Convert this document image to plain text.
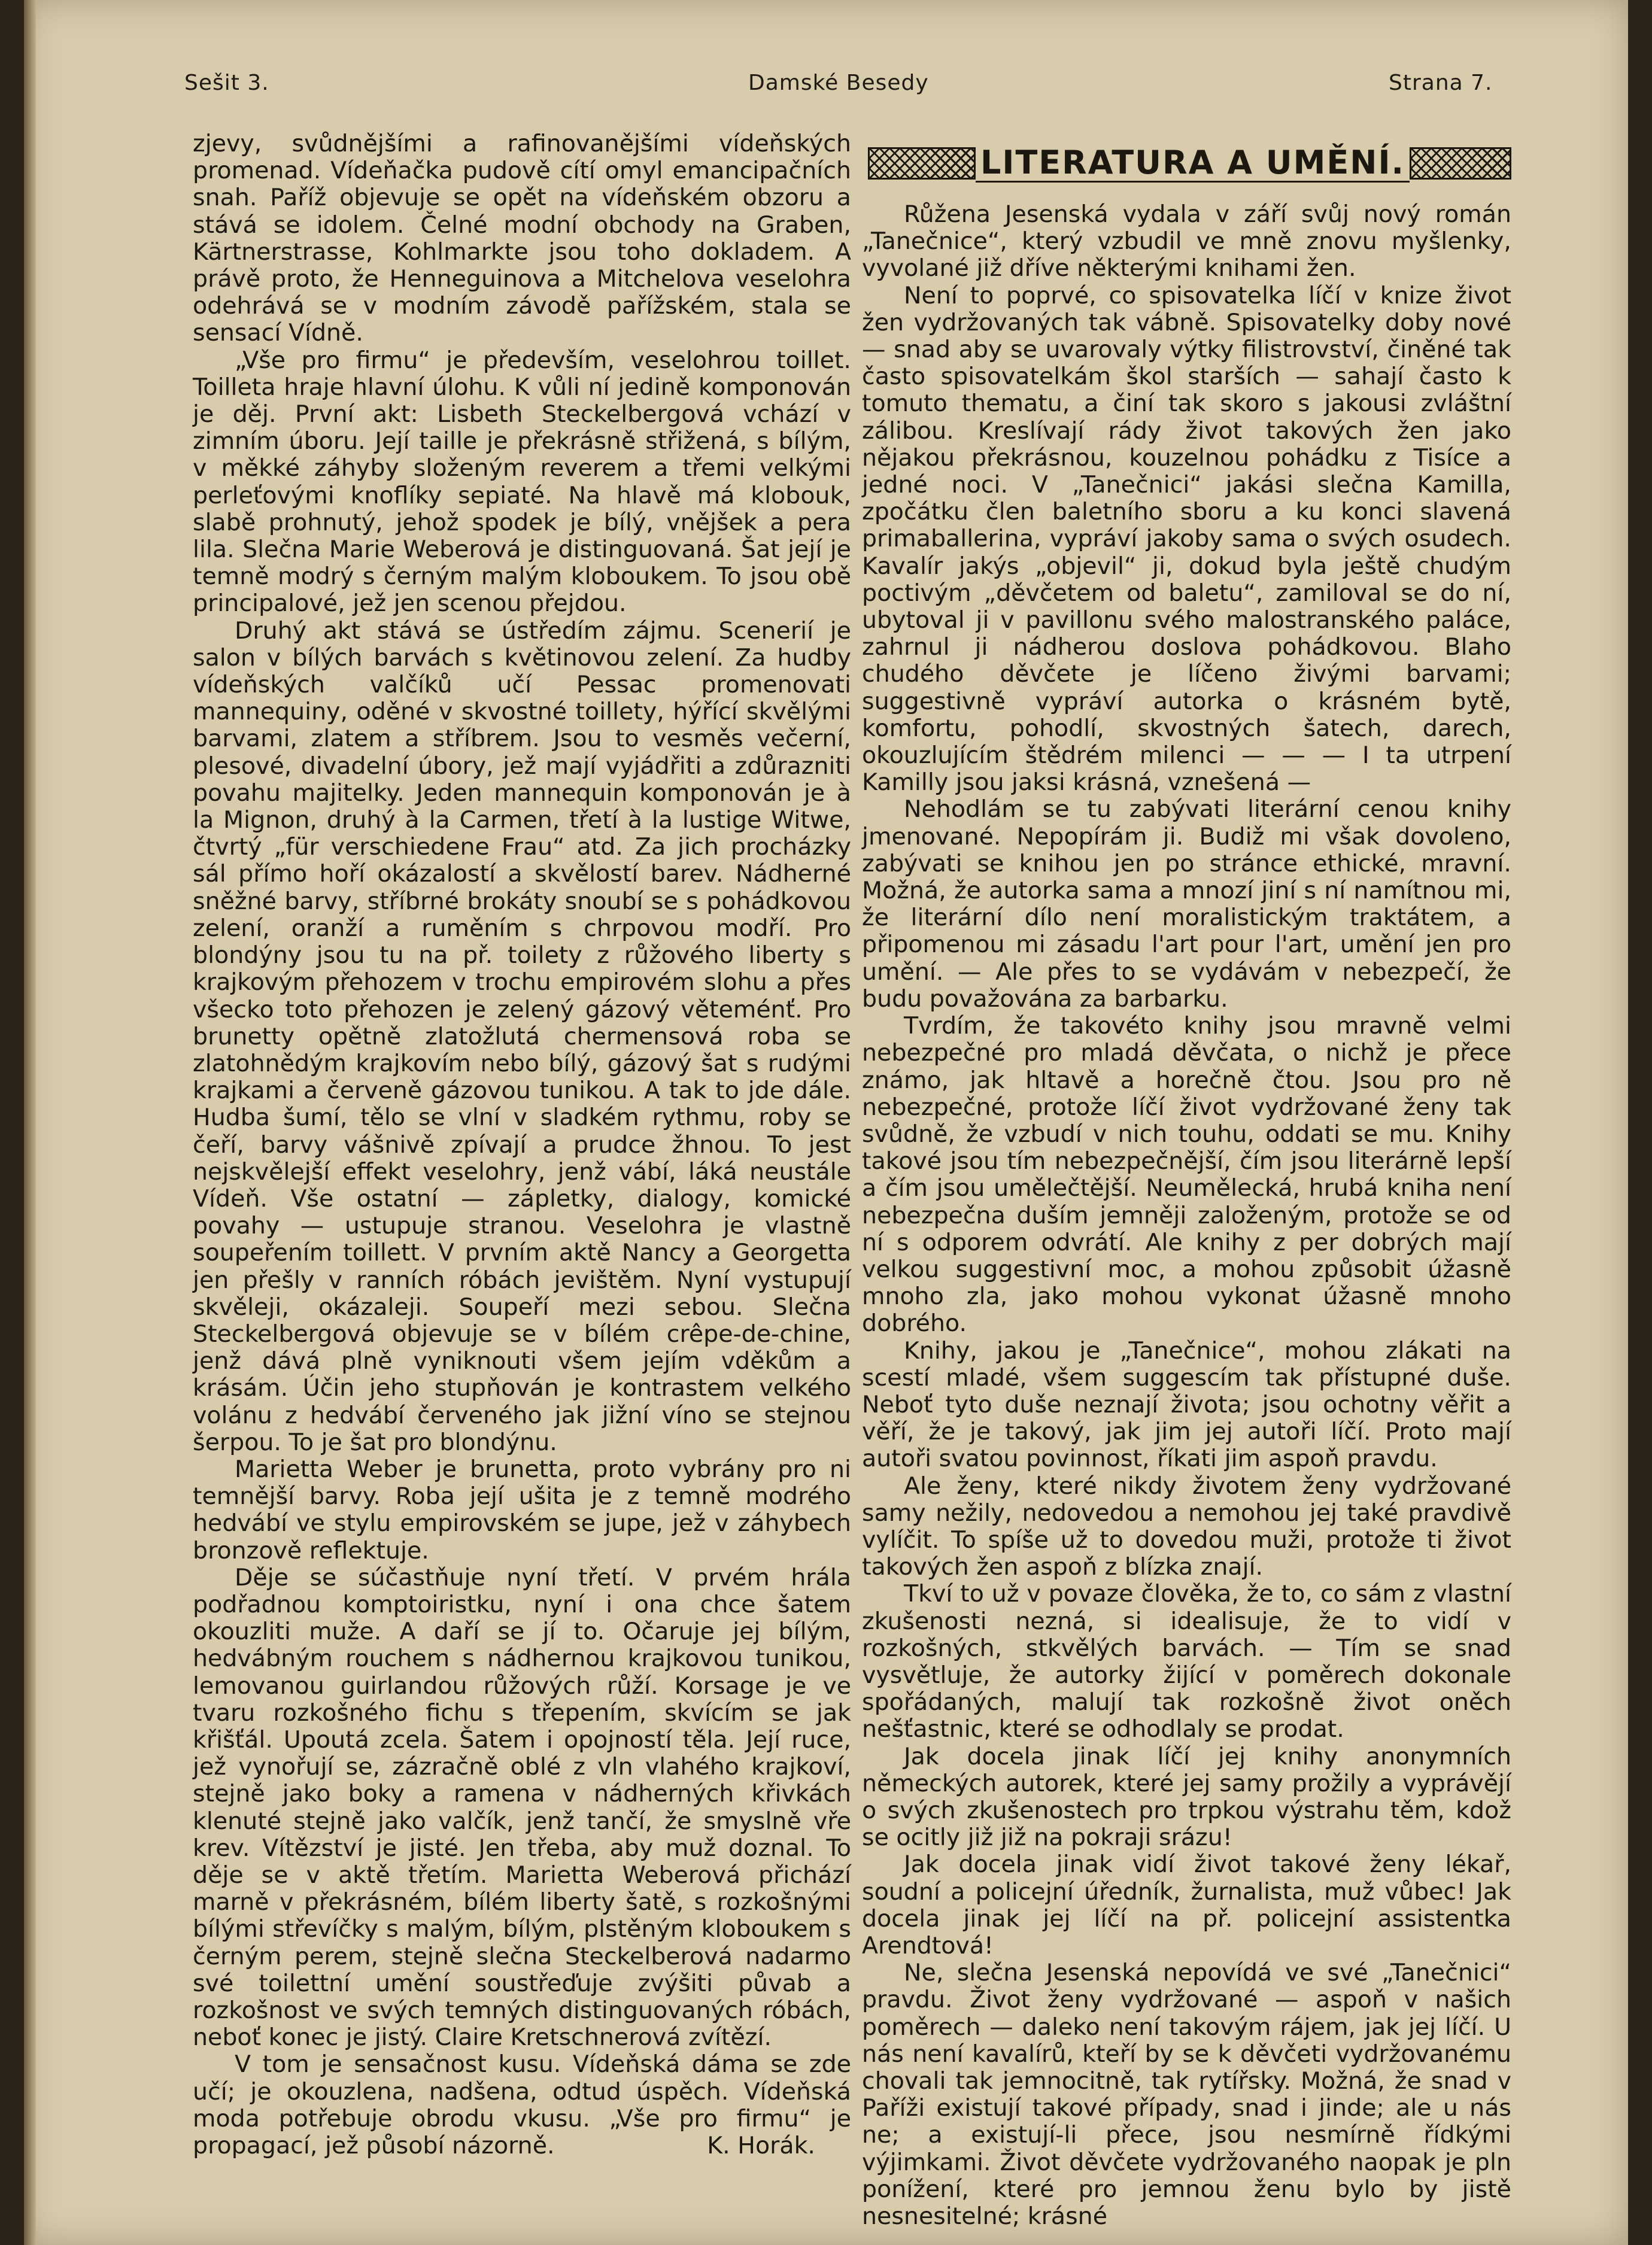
Sešit 3.	Damské Besedy	Strana 7.

zjevy, svůdnějšími a rafinovanějšími vídeňských promenad. Vídeňačka pudově cítí omyl emancipačních snah. Paříž objevuje se opět na vídeňském obzoru a stává se idolem. Čelné modní obchody na Graben, Kärtnerstrasse, Kohlmarkte jsou toho dokladem. A právě proto, že Henneguinova a Mitchelova veselohra odehrává se v modním závodě pařížském, stala se sensací Vídně.

„Vše pro firmu“ je především, veselohrou toillet. Toilleta hraje hlavní úlohu. K vůli ní jedině komponován je děj. První akt: Lisbeth Steckelbergová vchází v zimním úboru. Její taille je překrásně střižená, s bílým, v měkké záhyby složeným reverem a třemi velkými perleťovými knoflíky sepiaté. Na hlavě má klobouk, slabě prohnutý, jehož spodek je bílý, vnějšek a pera lila. Slečna Marie Weberová je distinguovaná. Šat její je temně modrý s černým malým kloboukem. To jsou obě principalové, jež jen scenou přejdou.

Druhý akt stává se ústředím zájmu. Scenerií je salon v bílých barvách s květinovou zelení. Za hudby vídeňských valčíků učí Pessac promenovati mannequiny, oděné v skvostné toillety, hýřící skvělými barvami, zlatem a stříbrem. Jsou to vesměs večerní, plesové, divadelní úbory, jež mají vyjádřiti a zdůrazniti povahu majitelky. Jeden mannequin komponován je à la Mignon, druhý à la Carmen, třetí à la lustige Witwe, čtvrtý „für verschiedene Frau“ atd. Za jich procházky sál přímo hoří okázalostí a skvělostí barev. Nádherné sněžné barvy, stříbrné brokáty snoubí se s pohádkovou zelení, oranží a ruměním s chrpovou modří. Pro blondýny jsou tu na př. toilety z růžového liberty s krajkovým přehozem v trochu empirovém slohu a přes všecko toto přehozen je zelený gázový věteménť. Pro brunetty opětně zlatožlutá chermensová roba se zlatohnědým krajkovím nebo bílý, gázový šat s rudými krajkami a červeně gázovou tunikou. A tak to jde dále. Hudba šumí, tělo se vlní v sladkém rythmu, roby se čeří, barvy vášnivě zpívají a prudce žhnou. To jest nejskvělejší effekt veselohry, jenž vábí, láká neustále Vídeň. Vše ostatní — zápletky, dialogy, komické povahy — ustupuje stranou. Veselohra je vlastně soupeřením toillett. V prvním aktě Nancy a Georgetta jen přešly v ranních róbách jevištěm. Nyní vystupují skvěleji, okázaleji. Soupeří mezi sebou. Slečna Steckelbergová objevuje se v bílém crêpe-de-chine, jenž dává plně vyniknouti všem jejím vděkům a krásám. Účin jeho stupňován je kontrastem velkého volánu z hedvábí červeného jak jižní víno se stejnou šerpou. To je šat pro blondýnu.

Marietta Weber je brunetta, proto vybrány pro ni temnější barvy. Roba její ušita je z temně modrého hedvábí ve stylu empirovském se jupe, jež v záhybech bronzově reflektuje.

Děje se súčastňuje nyní třetí. V prvém hrála podřadnou komptoiristku, nyní i ona chce šatem okouzliti muže. A daří se jí to. Očaruje jej bílým, hedvábným rouchem s nádhernou krajkovou tunikou, lemovanou guirlandou růžových růží. Korsage je ve tvaru rozkošného fichu s třepením, skvícím se jak křišťál. Upoutá zcela. Šatem i opojností těla. Její ruce, jež vynořují se, zázračně oblé z vln vlahého krajkoví, stejně jako boky a ramena v nádherných křivkách klenuté stejně jako valčík, jenž tančí, že smyslně vře krev. Vítězství je jisté. Jen třeba, aby muž doznal. To děje se v aktě třetím. Marietta Weberová přichází marně v překrásném, bílém liberty šatě, s rozkošnými bílými střevíčky s malým, bílým, plstěným kloboukem s černým perem, stejně slečna Steckelberová nadarmo své toilettní umění soustřeďuje zvýšiti půvab a rozkošnost ve svých temných distinguovaných róbách, neboť konec je jistý. Claire Kretschnerová zvítězí.

V tom je sensačnost kusu. Vídeňská dáma se zde učí; je okouzlena, nadšena, odtud úspěch. Vídeňská moda potřebuje obrodu vkusu. „Vše pro firmu“ je propagací, jež působí názorně.	K. Horák.
LITERATURA A UMĚNÍ.

Růžena Jesenská vydala v září svůj nový román „Tanečnice“, který vzbudil ve mně znovu myšlenky, vyvolané již dříve některými knihami žen.

Není to poprvé, co spisovatelka líčí v knize život žen vydržovaných tak vábně. Spisovatelky doby nové — snad aby se uvarovaly výtky filistrovství, činěné tak často spisovatelkám škol starších — sahají často k tomuto thematu, a činí tak skoro s jakousi zvláštní zálibou. Kreslívají rády život takových žen jako nějakou překrásnou, kouzelnou pohádku z Tisíce a jedné noci. V „Tanečnici“ jakási slečna Kamilla, zpočátku člen baletního sboru a ku konci slavená primaballerina, vypráví jakoby sama o svých osudech. Kavalír jakýs „objevil“ ji, dokud byla ještě chudým poctivým „děvčetem od baletu“, zamiloval se do ní, ubytoval ji v pavillonu svého malostranského paláce, zahrnul ji nádherou doslova pohádkovou. Blaho chudého děvčete je líčeno živými barvami; suggestivně vypráví autorka o krásném bytě, komfortu, pohodlí, skvostných šatech, darech, okouzlujícím štědrém milenci — — — I ta utrpení Kamilly jsou jaksi krásná, vznešená —

Nehodlám se tu zabývati literární cenou knihy jmenované. Nepopírám ji. Budiž mi však dovoleno, zabývati se knihou jen po stránce ethické, mravní. Možná, že autorka sama a mnozí jiní s ní namítnou mi, že literární dílo není moralistickým traktátem, a připomenou mi zásadu l'art pour l'art, umění jen pro umění. — Ale přes to se vydávám v nebezpečí, že budu považována za barbarku.

Tvrdím, že takovéto knihy jsou mravně velmi nebezpečné pro mladá děvčata, o nichž je přece známo, jak hltavě a horečně čtou. Jsou pro ně nebezpečné, protože líčí život vydržované ženy tak svůdně, že vzbudí v nich touhu, oddati se mu. Knihy takové jsou tím nebezpečnější, čím jsou literárně lepší a čím jsou umělečtější. Neumělecká, hrubá kniha není nebezpečna duším jemněji založeným, protože se od ní s odporem odvrátí. Ale knihy z per dobrých mají velkou suggestivní moc, a mohou způsobit úžasně mnoho zla, jako mohou vykonat úžasně mnoho dobrého.

Knihy, jakou je „Tanečnice“, mohou zlákati na scestí mladé, všem suggescím tak přístupné duše. Neboť tyto duše neznají života; jsou ochotny věřit a věří, že je takový, jak jim jej autoři líčí. Proto mají autoři svatou povinnost, říkati jim aspoň pravdu.

Ale ženy, které nikdy životem ženy vydržované samy nežily, nedovedou a nemohou jej také pravdivě vylíčit. To spíše už to dovedou muži, protože ti život takových žen aspoň z blízka znají.

Tkví to už v povaze člověka, že to, co sám z vlastní zkušenosti nezná, si idealisuje, že to vidí v rozkošných, stkvělých barvách. — Tím se snad vysvětluje, že autorky žijící v poměrech dokonale spořádaných, malují tak rozkošně život oněch nešťastnic, které se odhodlaly se prodat.

Jak docela jinak líčí jej knihy anonymních německých autorek, které jej samy prožily a vyprávějí o svých zkušenostech pro trpkou výstrahu těm, kdož se ocitly již již na pokraji srázu!

Jak docela jinak vidí život takové ženy lékař, soudní a policejní úředník, žurnalista, muž vůbec! Jak docela jinak jej líčí na př. policejní assistentka Arendtová!

Ne, slečna Jesenská nepovídá ve své „Tanečnici“ pravdu. Život ženy vydržované — aspoň v našich poměrech — daleko není takovým rájem, jak jej líčí. U nás není kavalírů, kteří by se k děvčeti vydržovanému chovali tak jemnocitně, tak rytířsky. Možná, že snad v Paříži existují takové případy, snad i jinde; ale u nás ne; a existují-li přece, jsou nesmírně řídkými výjimkami. Život děvčete vydržovaného naopak je pln ponížení, které pro jemnou ženu bylo by jistě nesnesitelné; krásné
